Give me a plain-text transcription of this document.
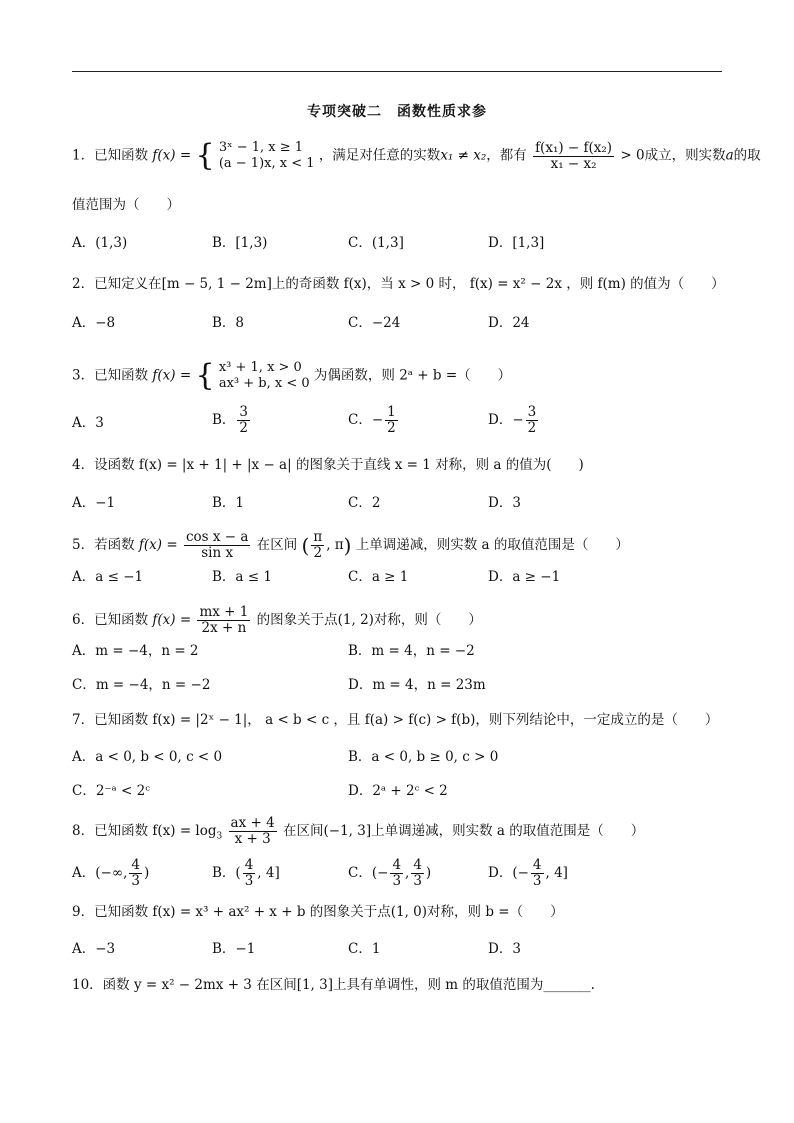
专项突破二　函数性质求参
1．已知函数 f(x) = { 3ˣ − 1, x ≥ 1
(a − 1)x, x < 1 ，满足对任意的实数x₁ ≠ x₂，都有 $\frac{\text{f(x₁) − f(x₂)}}{\text{x₁ − x₂}} > 0$成立，则实数a的取
值范围为（　　）
A．(1,3)	B．[1,3)	C．(1,3]	D．[1,3]
2．已知定义在[m − 5, 1 − 2m]上的奇函数 f(x)，当 x > 0 时， f(x) = x² − 2x ，则 f(m) 的值为（　　）
A．−8	B．8	C．−24	D．24
3．已知函数 f(x) = { x³ + 1, x > 0
ax³ + b, x < 0 为偶函数，则 2ᵃ + b =（　　）
A．3	B． $\frac{3}{2}$	C．− $\frac{1}{2}$	D．− $\frac{3}{2}$
4．设函数 f(x) = |x + 1| + |x − a| 的图象关于直线 x = 1 对称，则 a 的值为(　　)
A．−1	B．1	C．2	D．3
5．若函数 $f(x) = \frac{\text{cos x − a}}{\text{sin x}}$ 在区间 ( $\frac{\pi}{2}$ , π) 上单调递减，则实数 a 的取值范围是（　　）
A．a ≤ −1	B．a ≤ 1	C．a ≥ 1	D．a ≥ −1
6．已知函数 $f(x) = \frac{mx + 1}{2x + n}$ 的图象关于点(1, 2)对称，则（　　）
A．m = −4，n = 2	B．m = 4，n = −2
C．m = −4，n = −2	D．m = 4，n = 23m
7．已知函数 f(x) = |2ˣ − 1|， a < b < c ，且 f(a) > f(c) > f(b)，则下列结论中，一定成立的是（　　）
A．a < 0, b < 0, c < 0	B．a < 0, b ≥ 0, c > 0
C．2⁻ᵃ < 2ᶜ	D．2ᵃ + 2ᶜ < 2
8．已知函数 $f(x) = \log_3 \frac{ax + 4}{x + 3}$ 在区间(−1, 3]上单调递减，则实数 a 的取值范围是（　　）
A．(−∞, $\frac{4}{3}$ )	B．( $\frac{4}{3}$ , 4]	C．(− $\frac{4}{3}$ , $\frac{4}{3}$ )	D．(− $\frac{4}{3}$ , 4]
9．已知函数 f(x) = x³ + ax² + x + b 的图象关于点(1, 0)对称，则 b =（　　）
A．−3	B．−1	C．1	D．3
10．函数 y = x² − 2mx + 3 在区间[1, 3]上具有单调性，则 m 的取值范围为_______.
